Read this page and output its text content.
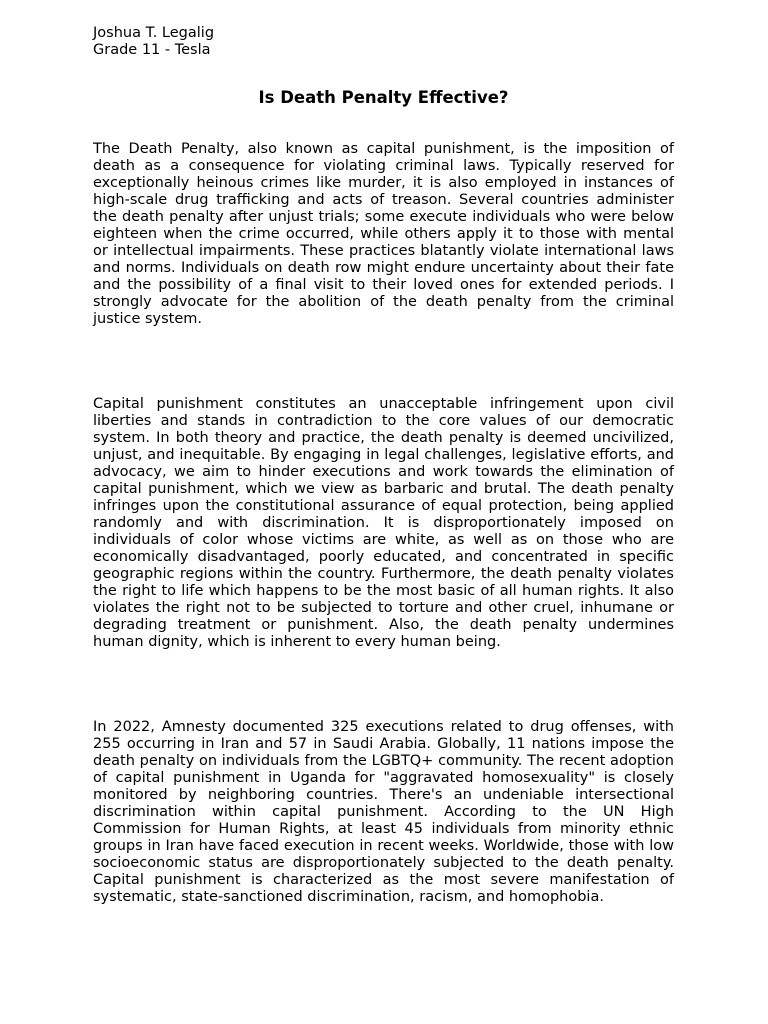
Joshua T. Legalig
Grade 11 - Tesla
Is Death Penalty Effective?

The Death Penalty, also known as capital punishment, is the imposition of death as a consequence for violating criminal laws. Typically reserved for exceptionally heinous crimes like murder, it is also employed in instances of high-scale drug trafficking and acts of treason. Several countries administer the death penalty after unjust trials; some execute individuals who were below eighteen when the crime occurred, while others apply it to those with mental or intellectual impairments. These practices blatantly violate international laws and norms. Individuals on death row might endure uncertainty about their fate and the possibility of a final visit to their loved ones for extended periods. I strongly advocate for the abolition of the death penalty from the criminal justice system.

Capital punishment constitutes an unacceptable infringement upon civil liberties and stands in contradiction to the core values of our democratic system. In both theory and practice, the death penalty is deemed uncivilized, unjust, and inequitable. By engaging in legal challenges, legislative efforts, and advocacy, we aim to hinder executions and work towards the elimination of capital punishment, which we view as barbaric and brutal. The death penalty infringes upon the constitutional assurance of equal protection, being applied randomly and with discrimination. It is disproportionately imposed on individuals of color whose victims are white, as well as on those who are economically disadvantaged, poorly educated, and concentrated in specific geographic regions within the country. Furthermore, the death penalty violates the right to life which happens to be the most basic of all human rights. It also violates the right not to be subjected to torture and other cruel, inhumane or degrading treatment or punishment. Also, the death penalty undermines human dignity, which is inherent to every human being.

In 2022, Amnesty documented 325 executions related to drug offenses, with 255 occurring in Iran and 57 in Saudi Arabia. Globally, 11 nations impose the death penalty on individuals from the LGBTQ+ community. The recent adoption of capital punishment in Uganda for "aggravated homosexuality" is closely monitored by neighboring countries. There's an undeniable intersectional discrimination within capital punishment. According to the UN High Commission for Human Rights, at least 45 individuals from minority ethnic groups in Iran have faced execution in recent weeks. Worldwide, those with low socioeconomic status are disproportionately subjected to the death penalty. Capital punishment is characterized as the most severe manifestation of systematic, state-sanctioned discrimination, racism, and homophobia.
